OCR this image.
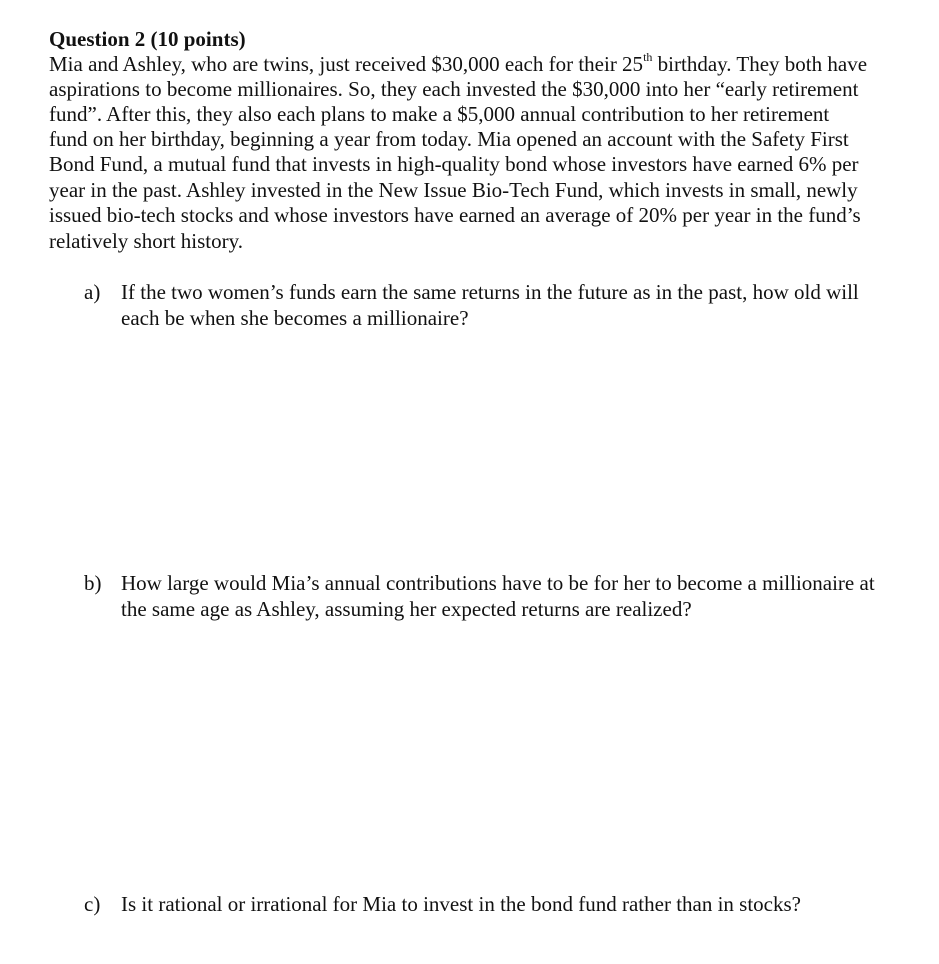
Question 2 (10 points)
Mia and Ashley, who are twins, just received $30,000 each for their 25th birthday. They both have
aspirations to become millionaires. So, they each invested the $30,000 into her “early retirement
fund”. After this, they also each plans to make a $5,000 annual contribution to her retirement
fund on her birthday, beginning a year from today. Mia opened an account with the Safety First
Bond Fund, a mutual fund that invests in high-quality bond whose investors have earned 6% per
year in the past. Ashley invested in the New Issue Bio-Tech Fund, which invests in small, newly
issued bio-tech stocks and whose investors have earned an average of 20% per year in the fund’s
relatively short history.
a) If the two women’s funds earn the same returns in the future as in the past, how old will
each be when she becomes a millionaire?
b) How large would Mia’s annual contributions have to be for her to become a millionaire at
the same age as Ashley, assuming her expected returns are realized?
c) Is it rational or irrational for Mia to invest in the bond fund rather than in stocks?
